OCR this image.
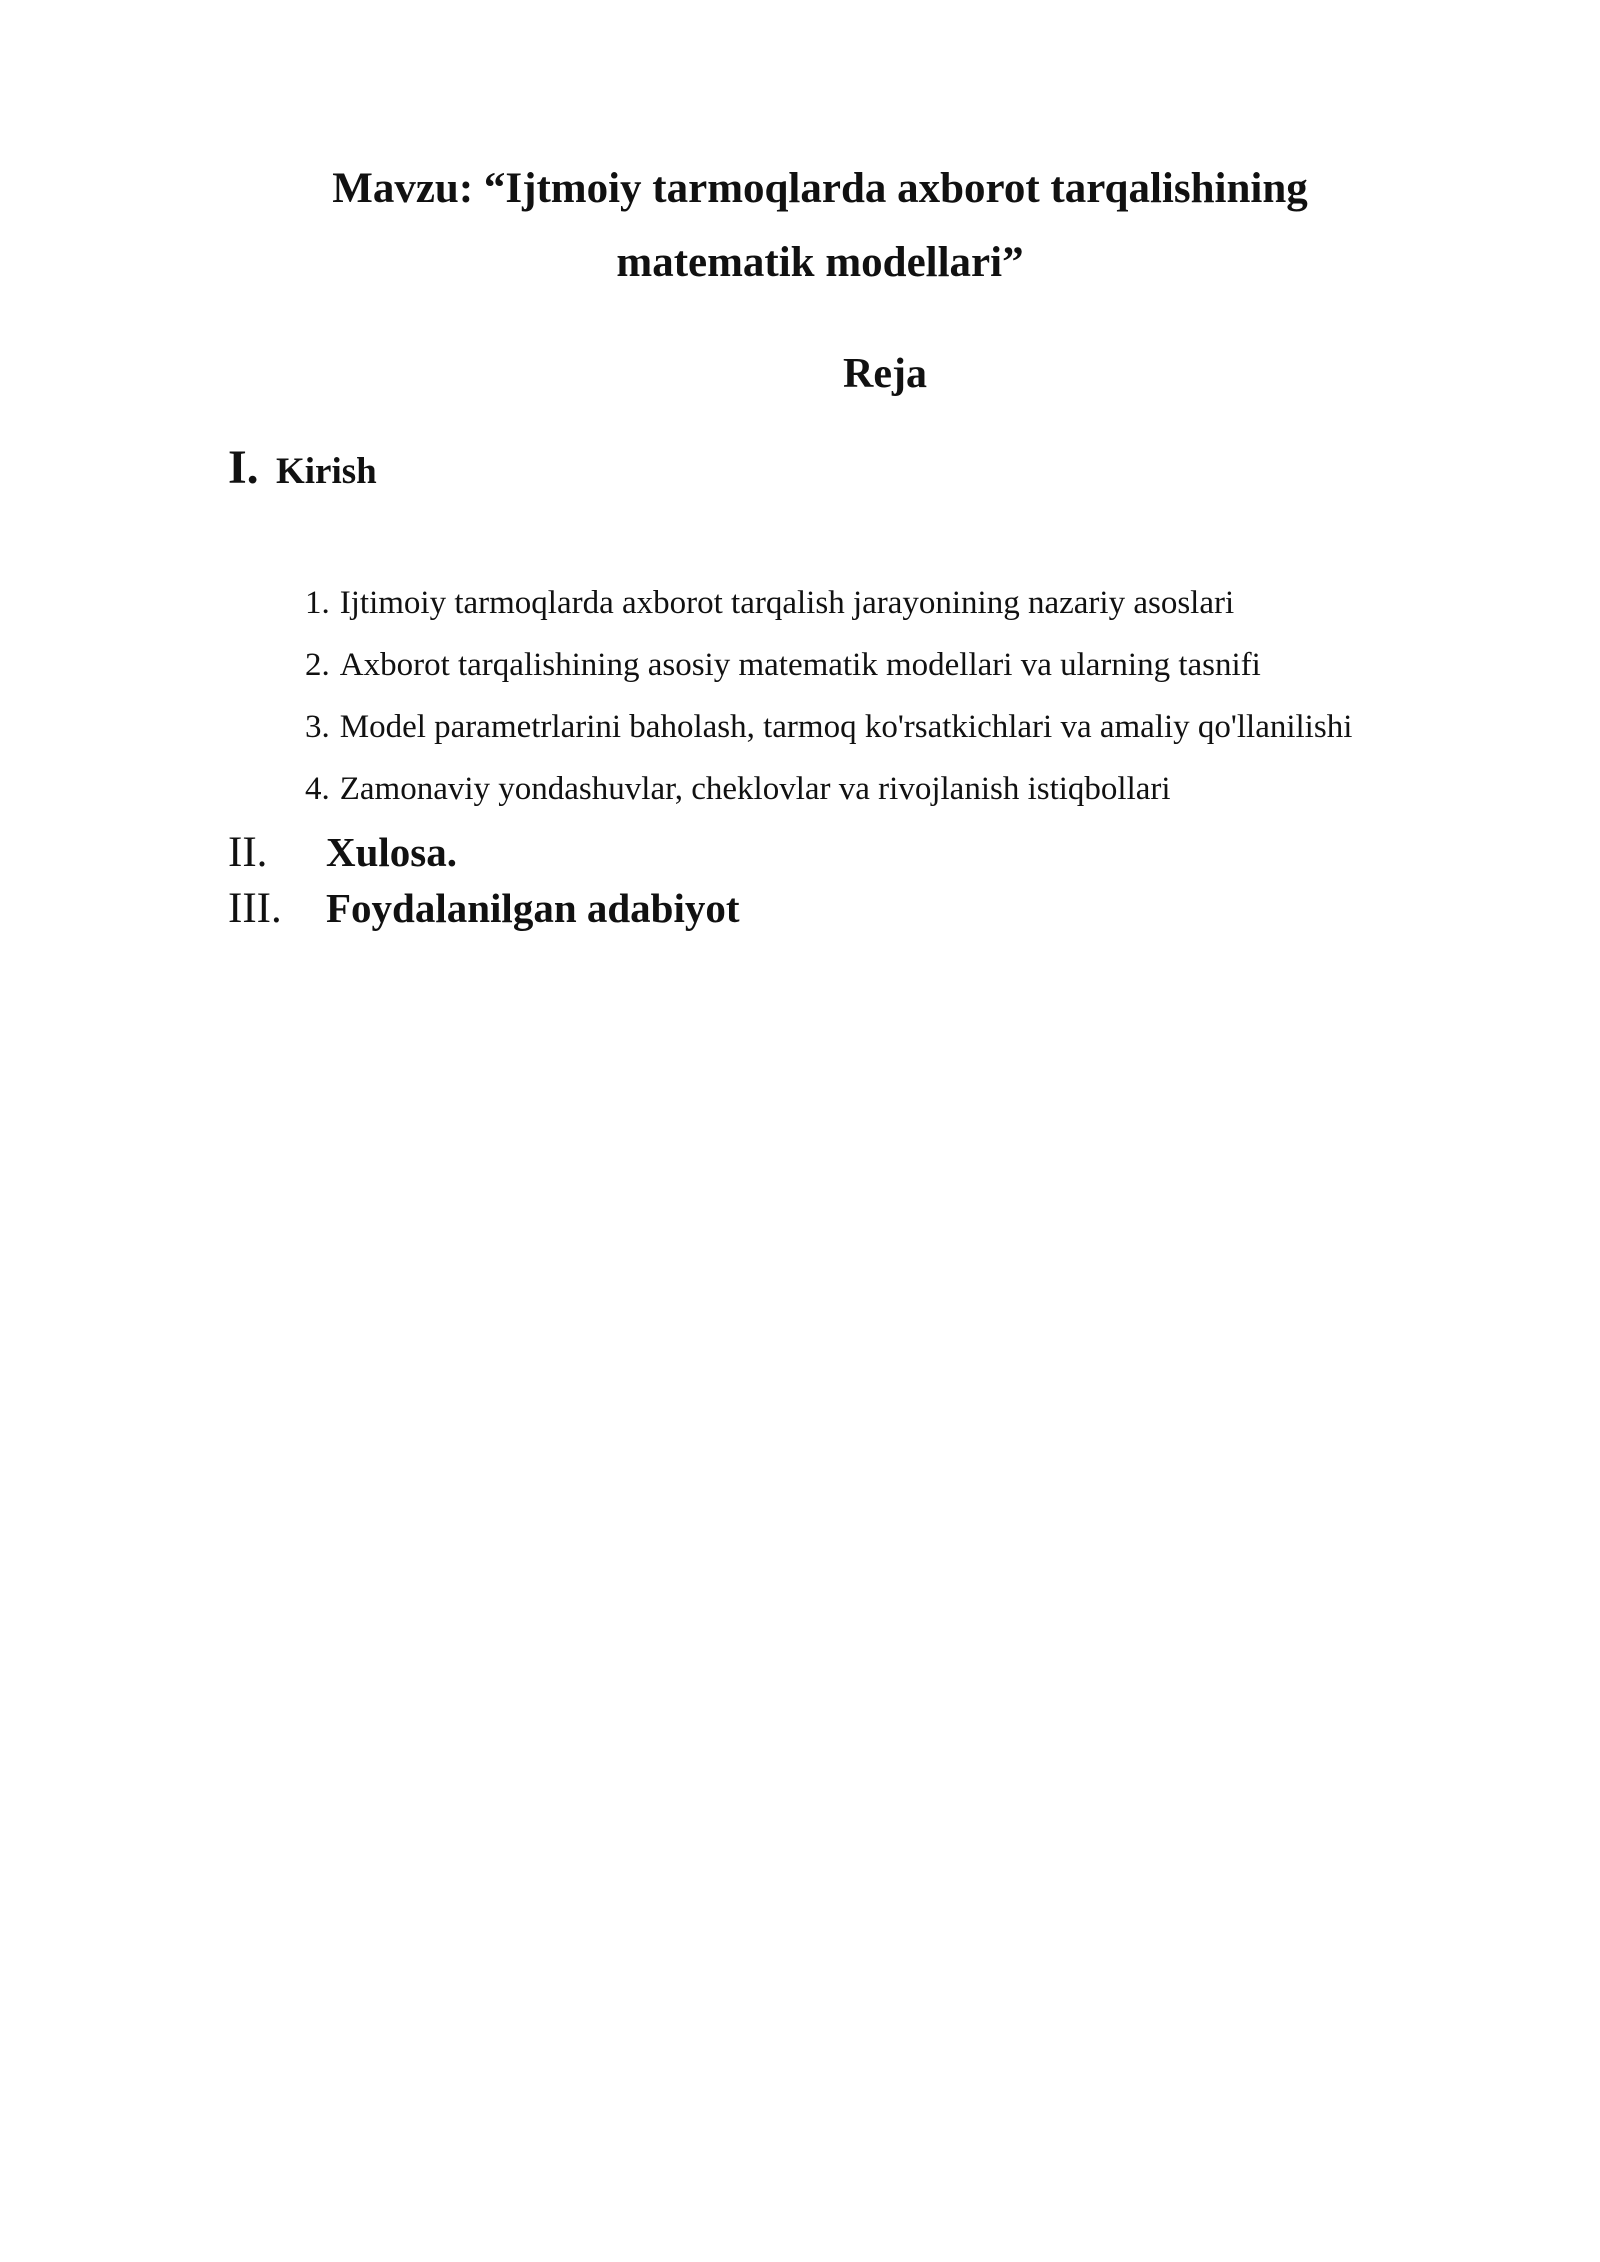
Mavzu: “Ijtmoiy tarmoqlarda axborot tarqalishining
matematik modellari”
Reja
I. Kirish
1. Ijtimoiy tarmoqlarda axborot tarqalish jarayonining nazariy asoslari
2. Axborot tarqalishining asosiy matematik modellari va ularning tasnifi
3. Model parametrlarini baholash, tarmoq ko'rsatkichlari va amaliy qo'llanilishi
4. Zamonaviy yondashuvlar, cheklovlar va rivojlanish istiqbollari
II.	Xulosa.
III.	Foydalanilgan adabiyot
